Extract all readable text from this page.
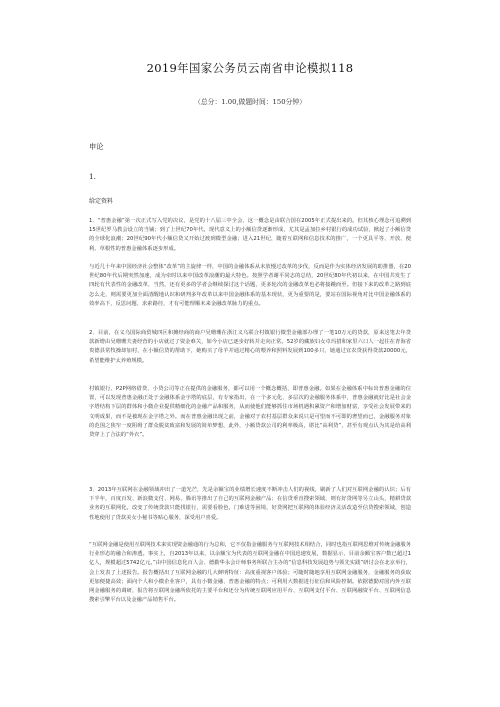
2019年国家公务员云南省申论模拟118
（总分：1.00,做题时间：150分钟）
申论
1.
给定资料

1．“普惠金融”第一次正式写入党的决议，是党的十八届三中全会，这一概念是由联合国在2005年正式提出来的。但其核心理念可追溯到15世纪罗马教会设立的当铺；到了上世纪70年代，现代意义上的小额信贷逐渐形成，尤其是孟加拉乡村银行的成功试验，掀起了小额信贷的全球化浪潮；20世纪90年代小额信贷又开始过渡到微型金融；进入21世纪，随着互联网和信息技术的推广，一个更具平等、开放、便利、草根性的普惠金融体系逐步形成。

与近几十年来中国经济社会整体“改革”的主旋律一样，中国的金融体系从未放慢过改革的步伐，反而是作为实体经济发展的助推器，在20世纪80年代后期突然加速，成为牵时以来中国改革浪潮的最大特色。按照学者谢平同志的总结，20世纪80年代初以来，在中国共发生了四轮有代表性的金融改革，当然，还有更多的学者会继续探讨这个话题，更多轮次的金融改革也必将接踵而至。但接下来的改革之路到底怎么走，则需要更加全面清醒地认识和研判多年改革以来中国金融体系的基本现状，更为重要的是，要站在国际视角对比中国金融体系的效率高下，反思问题、求索路径，才有可能理顺未来金融改革脉力的重点。

2．目前，在义乌国际商贸城四区和摊经商的商户吴珊珊在浙江义乌联合村镇银行微型金融部办理了一笔10万元的贷款，原来这笔去年贷款新增由吴珊珊夫妻经营的小店就过了资金难关，如今小店已逐步好转并走向正常。52岁的藏族妇女卓玛措和家里六口人一起往在青海省贵德县常牧操却加村，在小额信贷的帮助下，她购买了母羊并通过精心的喂养和照料发展到100多只，她通过宜农贷获得贷款20000元，希望能维护太养殖规模。

村镇银行、P2P网络借贷、小贷公司等正在提供的金融服务，都可以用一个概念概括，即普惠金融。如果在金融体系中标出普惠金融的位置，可以发现普惠金融正处于金融体系金字塔的底层，有专家指出，在一个多元化、多层次的金融服务体系中，普惠金融就好比是社会金字塔结构下层的群体和小微企业提供精细化的金融产品和服务，从而使他们能够抓住市场机遇积累资产和增加财富，享受社会发展带来的文明成果，而不是被现在金字塔之外。而在普惠金融出现之前，金融对于农村基层群众来说只是可望而不可即的奢望而已，金融服务对象的范围之狭窄一度阻碍了群众脱贫致富和发展的简单梦想，此外，小额贷款公司的利率极高，堪比“高利贷”，甚至有观点认为其是给高利贷穿上了合法的“外衣”。

3．2013年互联网在金融领域冲出了一道光芒，先是余额宝的业绩增长速度不断冲击人们的视线，刷新了人们对互联网金融的认识；后有下半年，百度百发、新浪微支付、网易、腾讯等推出了自己的互联网金融产品；在信贷垂直搜索领域，则有好贷网等另立山头，精耕贷款业务的互联网化，改变了传统贷款只能找银行，需要看脸色，门难进等困境，好贷网把互联网的体验经济灵活改造至信贷搜索领域，创造性地使用了贷款美女小秘书等贴心服务，深受用户喜爱。

“互联网金融是使用互联网技术来实现资金融通的行为总和，它不仅指金融服务与互联网技术相结合，同时也指互联网思维对传统金融服务行业形态的融合和渗透。事实上，自2013年以来，以余额宝为代表的互联网金融在中国迅速发展，数据显示，目前余额宝客户数已超过1亿人，规模超过5742亿元。”由中国信息化百人会、德勤华永会计师事务所联合主办的“信息科技发展趋势与领先实践”研讨会在北京举行，会上发表了上述报告。报告概括出了互联网金融的几大鲜明特征：高度重视客户体验；可随时随地享用互联网金融服务，金融服务的获取更加便捷高效；面向个人和小微企业客户，具有小微金融、普惠金融的特点；可利用大数据进行征信和风险控制。依据德勤对国内外互联网金融服务的调研，报告将互联网金融所依托的主要平台和还分为传统互联网应用平台、互联网支付平台、互联网融资平台、互联网信息搜索引擎平台以及金融产品销售平台。
